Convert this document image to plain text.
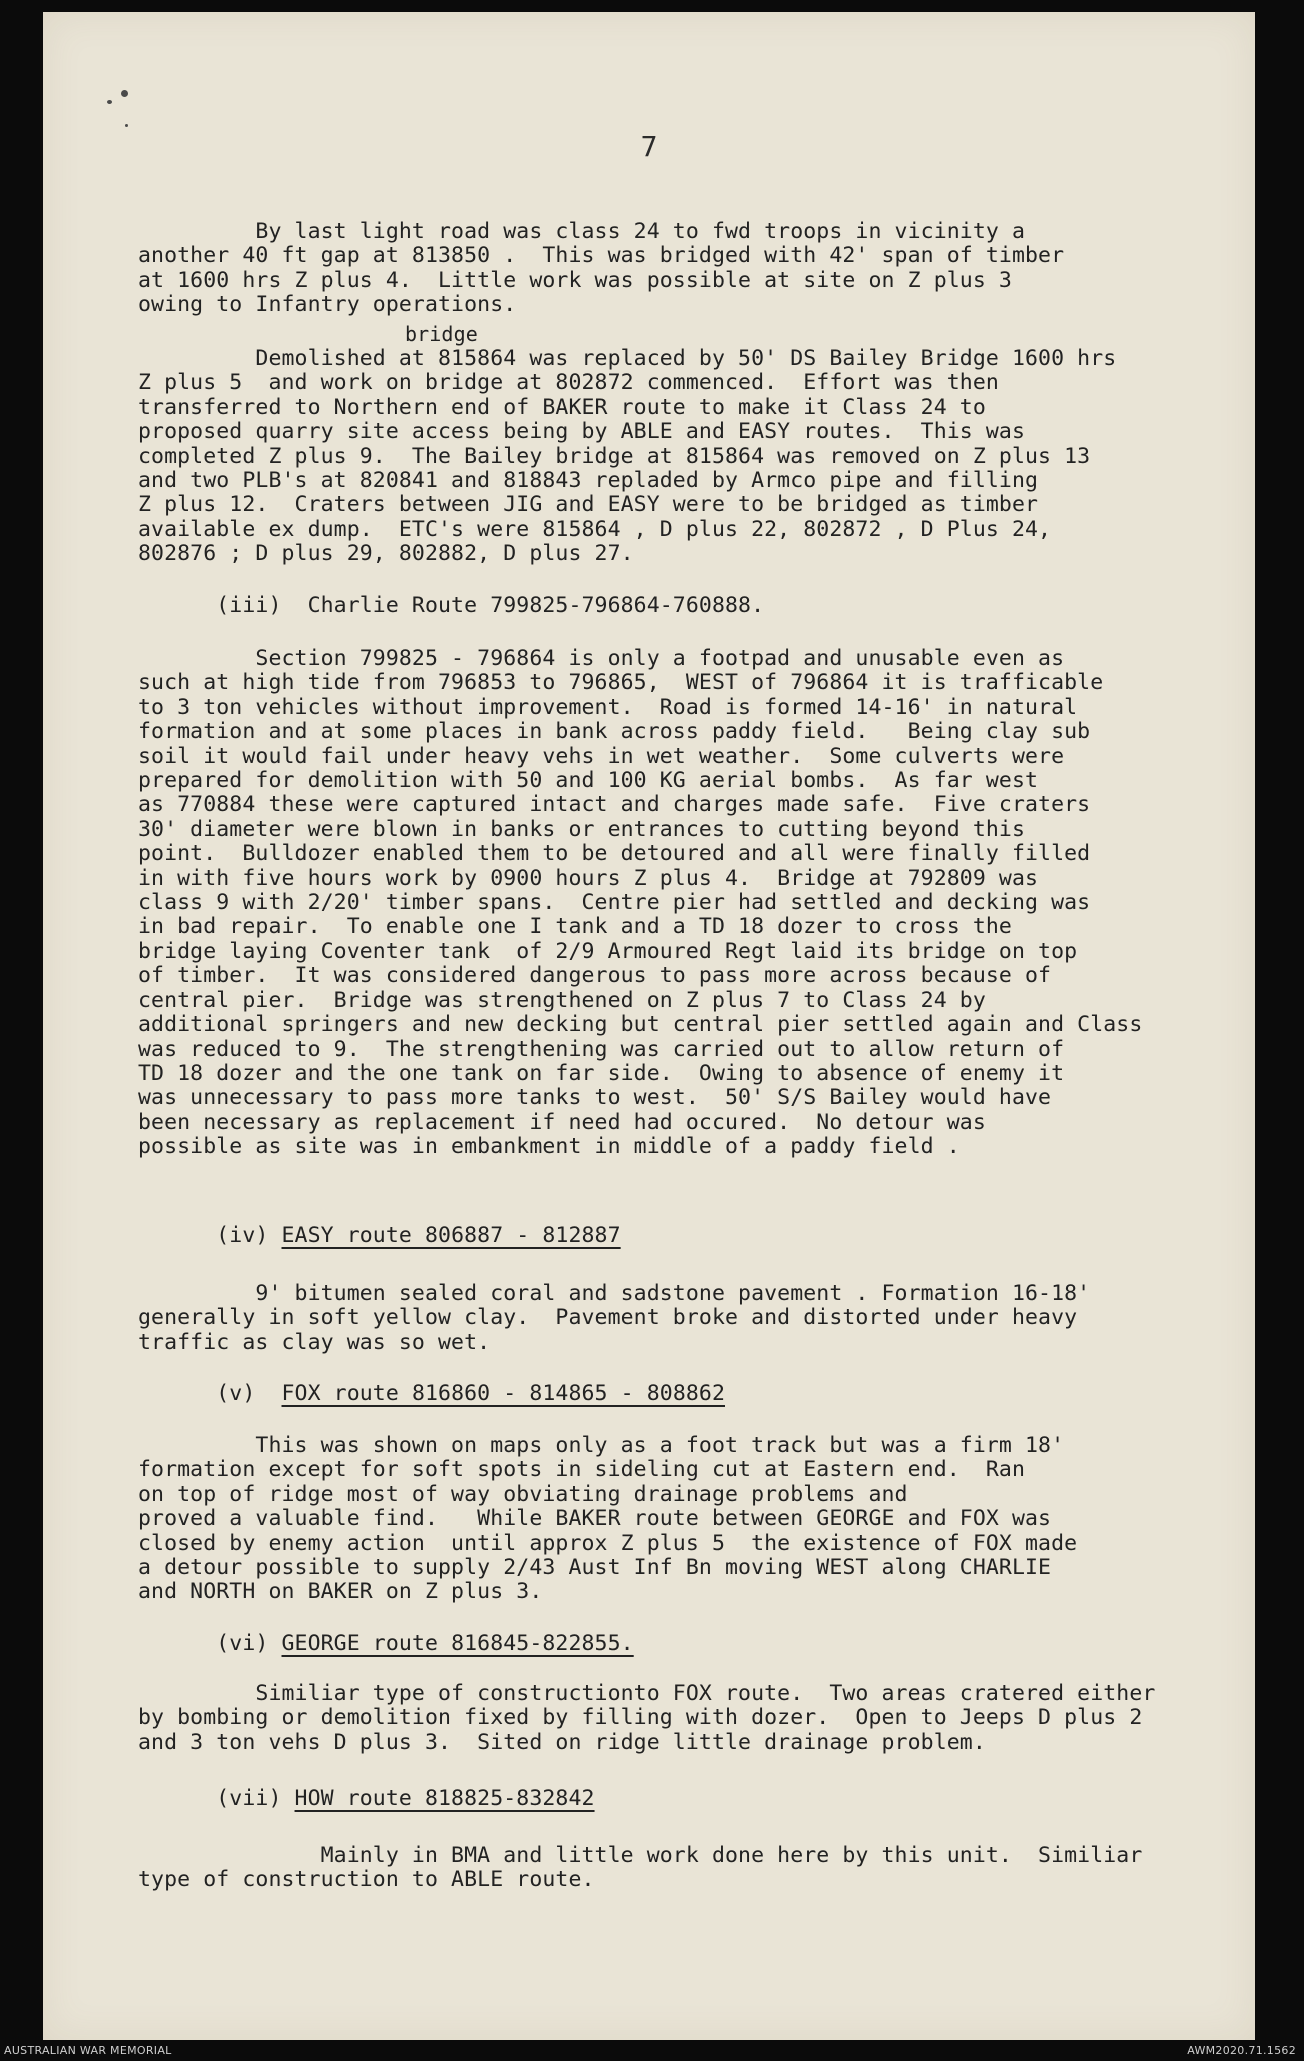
7
By last light road was class 24 to fwd troops in vicinity a
another 40 ft gap at 813850 .  This was bridged with 42' span of timber
at 1600 hrs Z plus 4.  Little work was possible at site on Z plus 3
owing to Infantry operations.
bridge
Demolished at 815864 was replaced by 50' DS Bailey Bridge 1600 hrs
Z plus 5  and work on bridge at 802872 commenced.  Effort was then
transferred to Northern end of BAKER route to make it Class 24 to
proposed quarry site access being by ABLE and EASY routes.  This was
completed Z plus 9.  The Bailey bridge at 815864 was removed on Z plus 13
and two PLB's at 820841 and 818843 repladed by Armco pipe and filling
Z plus 12.  Craters between JIG and EASY were to be bridged as timber
available ex dump.  ETC's were 815864 , D plus 22, 802872 , D Plus 24,
802876 ; D plus 29, 802882, D plus 27.
(iii)  Charlie Route 799825-796864-760888.
Section 799825 - 796864 is only a footpad and unusable even as
such at high tide from 796853 to 796865,  WEST of 796864 it is trafficable
to 3 ton vehicles without improvement.  Road is formed 14-16' in natural
formation and at some places in bank across paddy field.   Being clay sub
soil it would fail under heavy vehs in wet weather.  Some culverts were
prepared for demolition with 50 and 100 KG aerial bombs.  As far west
as 770884 these were captured intact and charges made safe.  Five craters
30' diameter were blown in banks or entrances to cutting beyond this
point.  Bulldozer enabled them to be detoured and all were finally filled
in with five hours work by 0900 hours Z plus 4.  Bridge at 792809 was
class 9 with 2/20' timber spans.  Centre pier had settled and decking was
in bad repair.  To enable one I tank and a TD 18 dozer to cross the
bridge laying Coventer tank  of 2/9 Armoured Regt laid its bridge on top
of timber.  It was considered dangerous to pass more across because of
central pier.  Bridge was strengthened on Z plus 7 to Class 24 by
additional springers and new decking but central pier settled again and Class
was reduced to 9.  The strengthening was carried out to allow return of
TD 18 dozer and the one tank on far side.  Owing to absence of enemy it
was unnecessary to pass more tanks to west.  50' S/S Bailey would have
been necessary as replacement if need had occured.  No detour was
possible as site was in embankment in middle of a paddy field .
(iv) EASY route 806887 - 812887
9' bitumen sealed coral and sadstone pavement . Formation 16-18'
generally in soft yellow clay.  Pavement broke and distorted under heavy
traffic as clay was so wet.
(v)  FOX route 816860 - 814865 - 808862
This was shown on maps only as a foot track but was a firm 18'
formation except for soft spots in sideling cut at Eastern end.  Ran
on top of ridge most of way obviating drainage problems and
proved a valuable find.   While BAKER route between GEORGE and FOX was
closed by enemy action  until approx Z plus 5  the existence of FOX made
a detour possible to supply 2/43 Aust Inf Bn moving WEST along CHARLIE
and NORTH on BAKER on Z plus 3.
(vi) GEORGE route 816845-822855.
Similiar type of constructionto FOX route.  Two areas cratered either
by bombing or demolition fixed by filling with dozer.  Open to Jeeps D plus 2
and 3 ton vehs D plus 3.  Sited on ridge little drainage problem.
(vii) HOW route 818825-832842
Mainly in BMA and little work done here by this unit.  Similiar
type of construction to ABLE route.
AUSTRALIAN WAR MEMORIAL	AWM2020.71.1562
